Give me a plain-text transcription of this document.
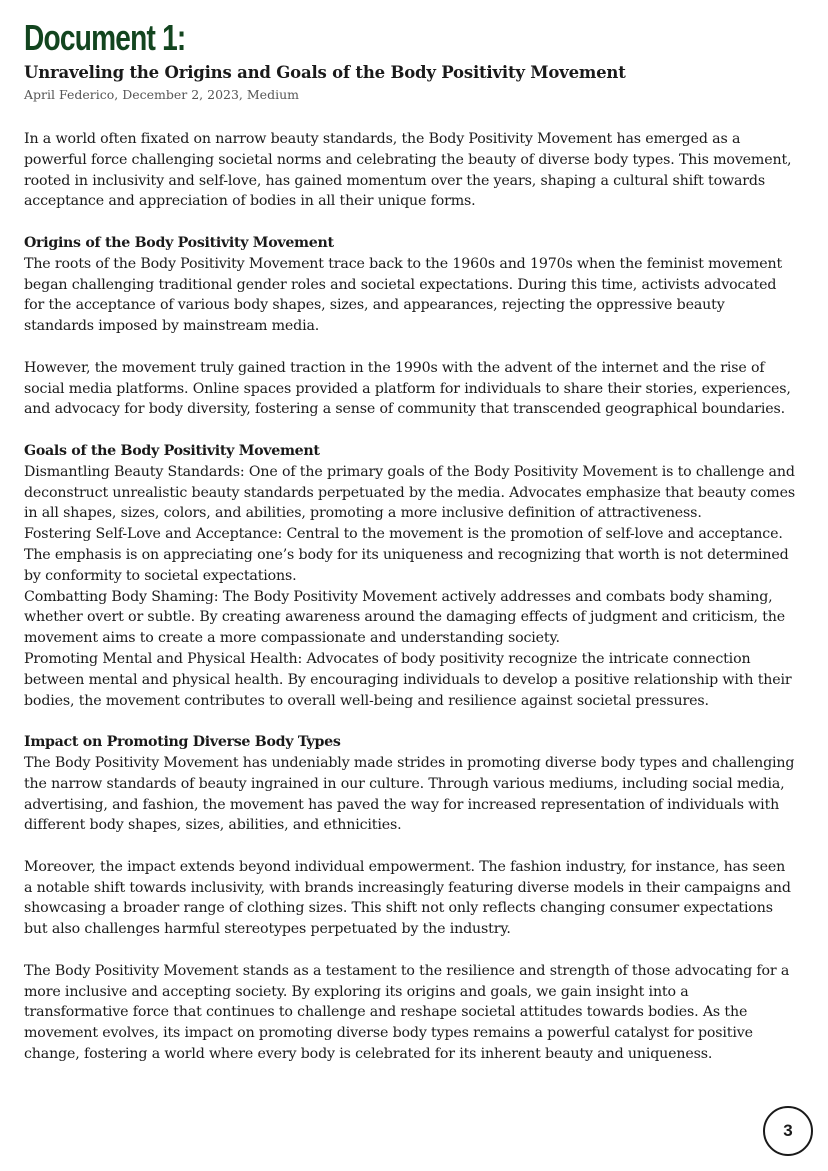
Document 1:
Unraveling the Origins and Goals of the Body Positivity Movement

April Federico, December 2, 2023, Medium

In a world often fixated on narrow beauty standards, the Body Positivity Movement has emerged as a powerful force challenging societal norms and celebrating the beauty of diverse body types. This movement, rooted in inclusivity and self-love, has gained momentum over the years, shaping a cultural shift towards acceptance and appreciation of bodies in all their unique forms.

Origins of the Body Positivity Movement

The roots of the Body Positivity Movement trace back to the 1960s and 1970s when the feminist movement began challenging traditional gender roles and societal expectations. During this time, activists advocated for the acceptance of various body shapes, sizes, and appearances, rejecting the oppressive beauty standards imposed by mainstream media.

However, the movement truly gained traction in the 1990s with the advent of the internet and the rise of social media platforms. Online spaces provided a platform for individuals to share their stories, experiences, and advocacy for body diversity, fostering a sense of community that transcended geographical boundaries.

Goals of the Body Positivity Movement

Dismantling Beauty Standards: One of the primary goals of the Body Positivity Movement is to challenge and deconstruct unrealistic beauty standards perpetuated by the media. Advocates emphasize that beauty comes in all shapes, sizes, colors, and abilities, promoting a more inclusive definition of attractiveness.

Fostering Self-Love and Acceptance: Central to the movement is the promotion of self-love and acceptance. The emphasis is on appreciating one’s body for its uniqueness and recognizing that worth is not determined by conformity to societal expectations.

Combatting Body Shaming: The Body Positivity Movement actively addresses and combats body shaming, whether overt or subtle. By creating awareness around the damaging effects of judgment and criticism, the movement aims to create a more compassionate and understanding society.

Promoting Mental and Physical Health: Advocates of body positivity recognize the intricate connection between mental and physical health. By encouraging individuals to develop a positive relationship with their bodies, the movement contributes to overall well-being and resilience against societal pressures.

Impact on Promoting Diverse Body Types

The Body Positivity Movement has undeniably made strides in promoting diverse body types and challenging the narrow standards of beauty ingrained in our culture. Through various mediums, including social media, advertising, and fashion, the movement has paved the way for increased representation of individuals with different body shapes, sizes, abilities, and ethnicities.

Moreover, the impact extends beyond individual empowerment. The fashion industry, for instance, has seen a notable shift towards inclusivity, with brands increasingly featuring diverse models in their campaigns and showcasing a broader range of clothing sizes. This shift not only reflects changing consumer expectations but also challenges harmful stereotypes perpetuated by the industry.

The Body Positivity Movement stands as a testament to the resilience and strength of those advocating for a more inclusive and accepting society. By exploring its origins and goals, we gain insight into a transformative force that continues to challenge and reshape societal attitudes towards bodies. As the movement evolves, its impact on promoting diverse body types remains a powerful catalyst for positive change, fostering a world where every body is celebrated for its inherent beauty and uniqueness.

3
